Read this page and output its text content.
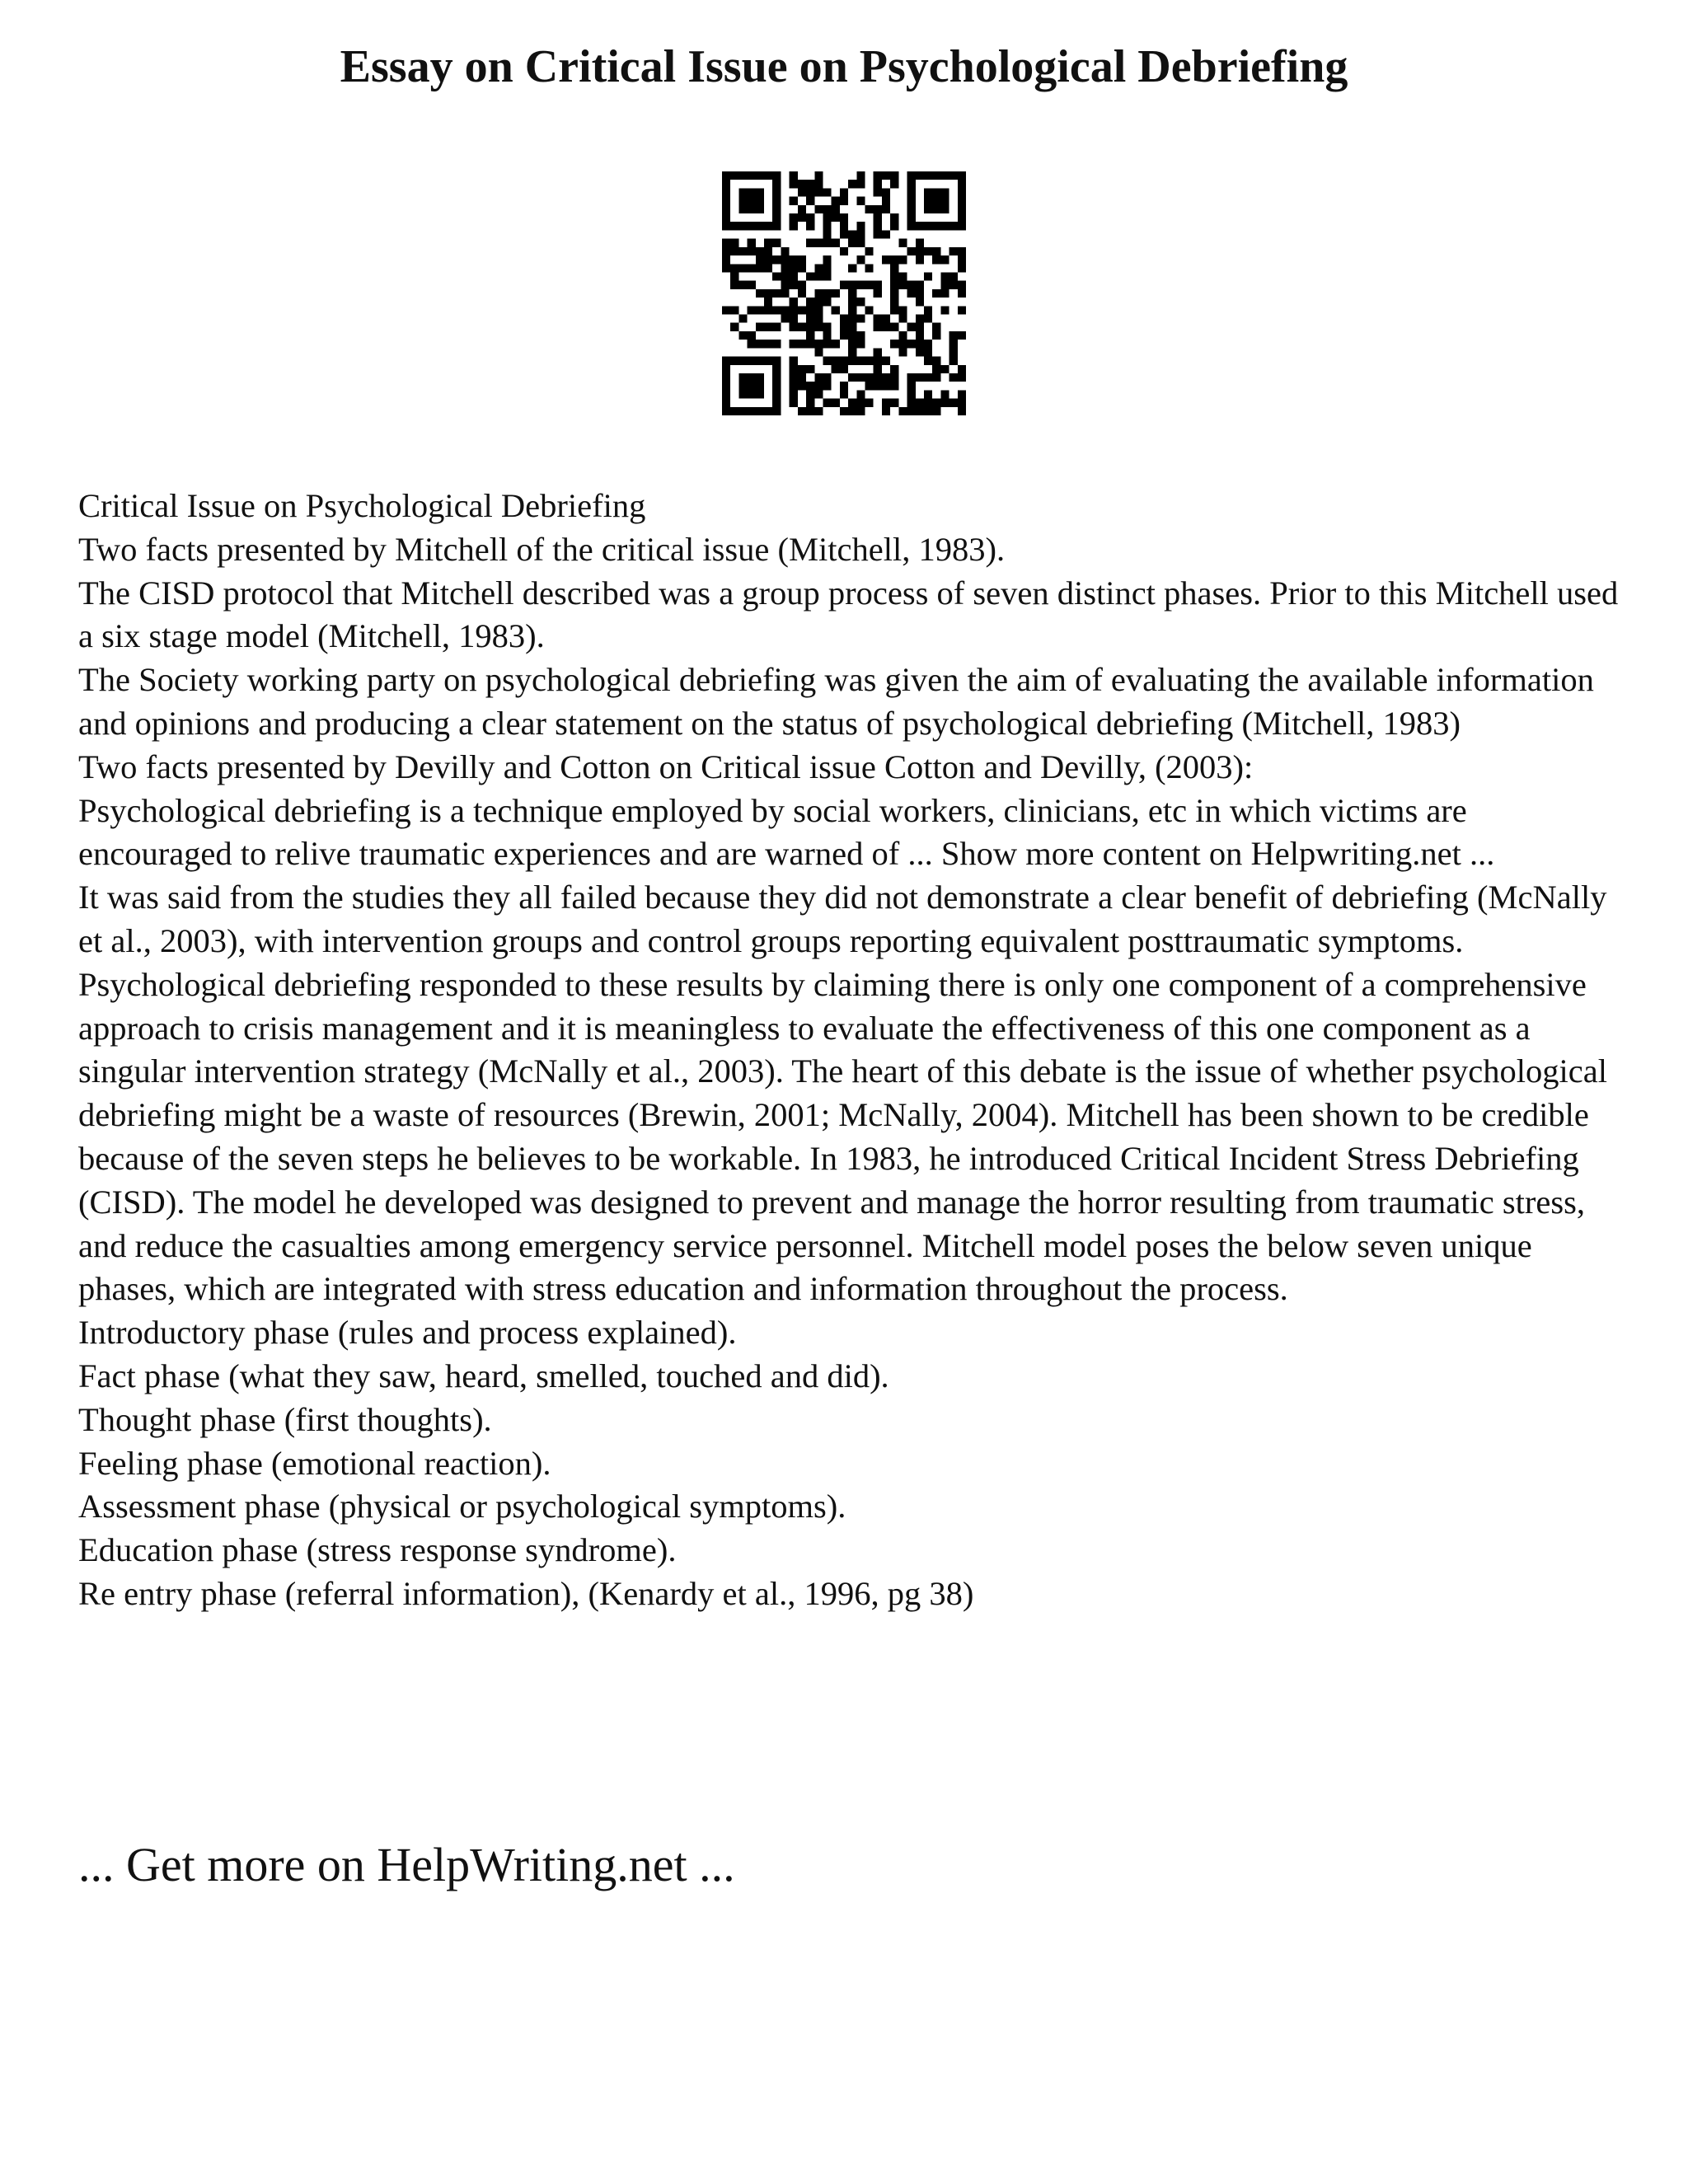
Essay on Critical Issue on Psychological Debriefing

Critical Issue on Psychological Debriefing

Two facts presented by Mitchell of the critical issue (Mitchell, 1983).

The CISD protocol that Mitchell described was a group process of seven distinct phases. Prior to this Mitchell used a six stage model (Mitchell, 1983).

The Society working party on psychological debriefing was given the aim of evaluating the available information and opinions and producing a clear statement on the status of psychological debriefing (Mitchell, 1983)

Two facts presented by Devilly and Cotton on Critical issue Cotton and Devilly, (2003):

Psychological debriefing is a technique employed by social workers, clinicians, etc in which victims are encouraged to relive traumatic experiences and are warned of ... Show more content on Helpwriting.net ...

It was said from the studies they all failed because they did not demonstrate a clear benefit of debriefing (McNally et al., 2003), with intervention groups and control groups reporting equivalent posttraumatic symptoms.

Psychological debriefing responded to these results by claiming there is only one component of a comprehensive approach to crisis management and it is meaningless to evaluate the effectiveness of this one component as a singular intervention strategy (McNally et al., 2003). The heart of this debate is the issue of whether psychological debriefing might be a waste of resources (Brewin, 2001; McNally, 2004). Mitchell has been shown to be credible because of the seven steps he believes to be workable. In 1983, he introduced Critical Incident Stress Debriefing (CISD). The model he developed was designed to prevent and manage the horror resulting from traumatic stress, and reduce the casualties among emergency service personnel. Mitchell model poses the below seven unique phases, which are integrated with stress education and information throughout the process.

Introductory phase (rules and process explained).

Fact phase (what they saw, heard, smelled, touched and did).

Thought phase (first thoughts).

Feeling phase (emotional reaction).

Assessment phase (physical or psychological symptoms).

Education phase (stress response syndrome).

Re entry phase (referral information), (Kenardy et al., 1996, pg 38)

... Get more on HelpWriting.net ...
